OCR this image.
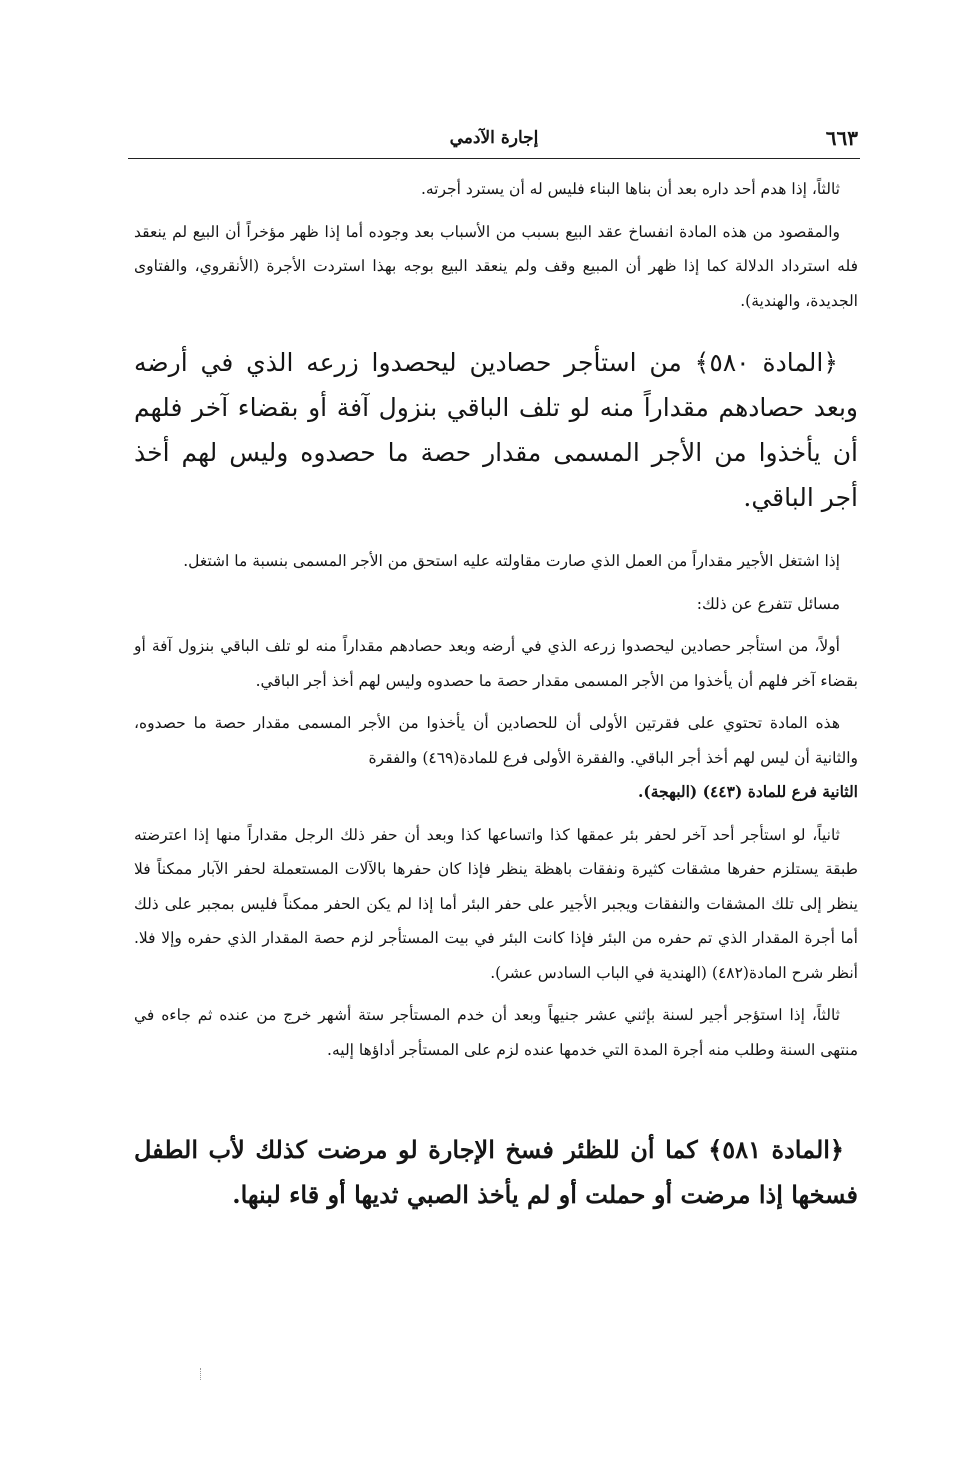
٦٦٣
إجارة الآدمي

ثالثاً، إذا هدم أحد داره بعد أن بناها البناء فليس له أن يسترد أجرته.

والمقصود من هذه المادة انفساخ عقد البيع بسبب من الأسباب بعد وجوده أما إذا ظهر مؤخراً أن البيع لم ينعقد فله استرداد الدلالة كما إذا ظهر أن المبيع وقف ولم ينعقد البيع بوجه بهذا استردت الأجرة (الأنقروي، والفتاوى الجديدة، والهندية).

﴿المادة ٥٨٠﴾ من استأجر حصادين ليحصدوا زرعه الذي في أرضه وبعد حصادهم مقداراً منه لو تلف الباقي بنزول آفة أو بقضاء آخر فلهم أن يأخذوا من الأجر المسمى مقدار حصة ما حصدوه وليس لهم أخذ أجر الباقي.

إذا اشتغل الأجير مقداراً من العمل الذي صارت مقاولته عليه استحق من الأجر المسمى بنسبة ما اشتغل.

مسائل تتفرع عن ذلك:

أولاً، من استأجر حصادين ليحصدوا زرعه الذي في أرضه وبعد حصادهم مقداراً منه لو تلف الباقي بنزول آفة أو بقضاء آخر فلهم أن يأخذوا من الأجر المسمى مقدار حصة ما حصدوه وليس لهم أخذ أجر الباقي.

هذه المادة تحتوي على فقرتين الأولى أن للحصادين أن يأخذوا من الأجر المسمى مقدار حصة ما حصدوه، والثانية أن ليس لهم أخذ أجر الباقي. والفقرة الأولى فرع للمادة(٤٦٩) والفقرة

الثانية فرع للمادة (٤٤٣) (البهجة).

ثانياً، لو استأجر أحد آخر لحفر بئر عمقها كذا واتساعها كذا وبعد أن حفر ذلك الرجل مقداراً منها إذا اعترضته طبقة يستلزم حفرها مشقات كثيرة ونفقات باهظة ينظر فإذا كان حفرها بالآلات المستعملة لحفر الآبار ممكناً فلا ينظر إلى تلك المشقات والنفقات ويجبر الأجير على حفر البئر أما إذا لم يكن الحفر ممكناً فليس بمجبر على ذلك أما أجرة المقدار الذي تم حفره من البئر فإذا كانت البئر في بيت المستأجر لزم حصة المقدار الذي حفره وإلا فلا. أنظر شرح المادة(٤٨٢) (الهندية في الباب السادس عشر).

ثالثاً، إذا استؤجر أجير لسنة بإثني عشر جنيهاً وبعد أن خدم المستأجر ستة أشهر خرج من عنده ثم جاءه في منتهى السنة وطلب منه أجرة المدة التي خدمها عنده لزم على المستأجر أداؤها إليه.

﴿المادة ٥٨١﴾ كما أن للظئر فسخ الإجارة لو مرضت كذلك لأب الطفل فسخها إذا مرضت أو حملت أو لم يأخذ الصبي ثديها أو قاء لبنها.
